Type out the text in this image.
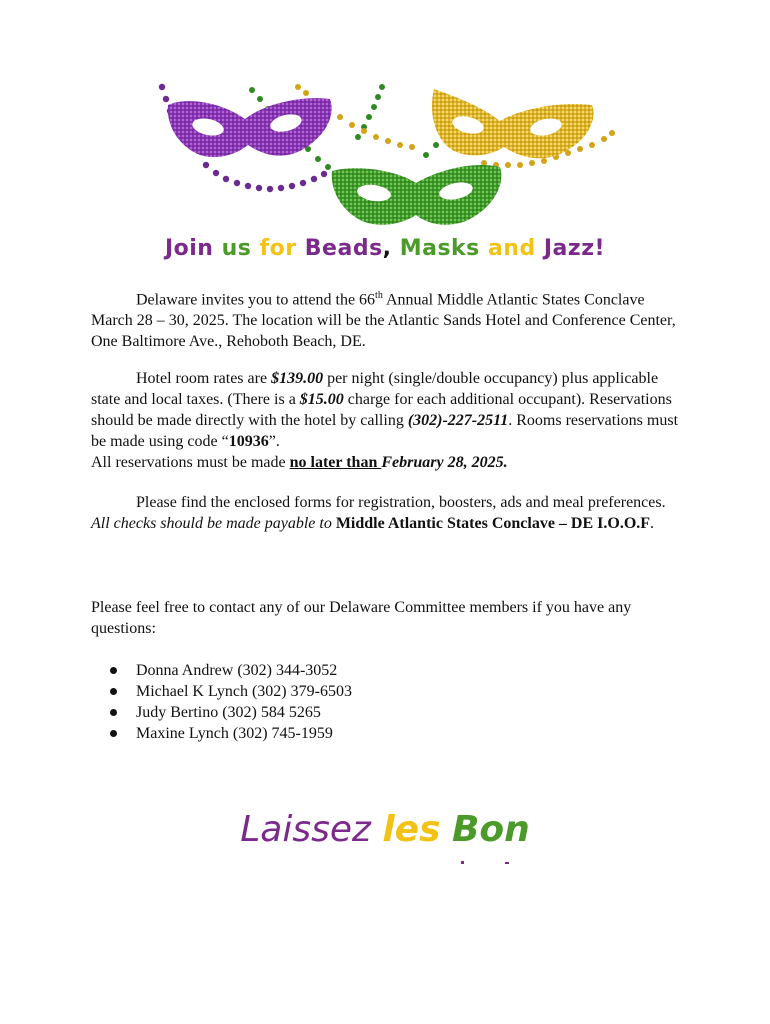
Join us for Beads, Masks and Jazz!

Delaware invites you to attend the 66th Annual Middle Atlantic States Conclave March 28 – 30, 2025. The location will be the Atlantic Sands Hotel and Conference Center, One Baltimore Ave., Rehoboth Beach, DE.

Hotel room rates are $139.00 per night (single/double occupancy) plus applicable state and local taxes. (There is a $15.00 charge for each additional occupant). Reservations should be made directly with the hotel by calling (302)-227-2511. Rooms reservations must be made using code “10936”.

All reservations must be made no later than February 28, 2025.

Please find the enclosed forms for registration, boosters, ads and meal preferences. All checks should be made payable to Middle Atlantic States Conclave – DE I.O.O.F.

Please feel free to contact any of our Delaware Committee members if you have any questions:

Donna Andrew (302) 344-3052
Michael K Lynch (302) 379-6503
Judy Bertino (302) 584 5265
Maxine Lynch (302) 745-1959
Laissez les Bon
